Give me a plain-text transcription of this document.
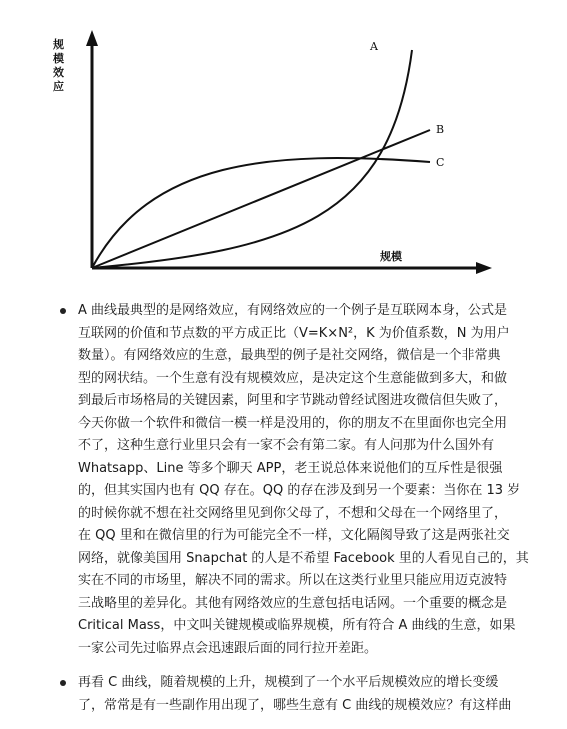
规
模
效
应
规模
A
B
C
A 曲线最典型的是网络效应，有网络效应的一个例子是互联网本身，公式是
互联网的价值和节点数的平方成正比（V=K×N²，K 为价值系数，N 为用户
数量）。有网络效应的生意，最典型的例子是社交网络，微信是一个非常典
型的网状结。一个生意有没有规模效应，是决定这个生意能做到多大，和做
到最后市场格局的关键因素，阿里和字节跳动曾经试图进攻微信但失败了，
今天你做一个软件和微信一模一样是没用的，你的朋友不在里面你也完全用
不了，这种生意行业里只会有一家不会有第二家。有人问那为什么国外有
Whatsapp、Line 等多个聊天 APP，老王说总体来说他们的互斥性是很强
的，但其实国内也有 QQ 存在。QQ 的存在涉及到另一个要素：当你在 13 岁
的时候你就不想在社交网络里见到你父母了，不想和父母在一个网络里了，
在 QQ 里和在微信里的行为可能完全不一样，文化隔阂导致了这是两张社交
网络，就像美国用 Snapchat 的人是不希望 Facebook 里的人看见自己的，其
实在不同的市场里，解决不同的需求。所以在这类行业里只能应用迈克波特
三战略里的差异化。其他有网络效应的生意包括电话网。一个重要的概念是
Critical Mass，中文叫关键规模或临界规模，所有符合 A 曲线的生意，如果
一家公司先过临界点会迅速跟后面的同行拉开差距。
再看 C 曲线，随着规模的上升，规模到了一个水平后规模效应的增长变缓
了，常常是有一些副作用出现了，哪些生意有 C 曲线的规模效应？有这样曲
